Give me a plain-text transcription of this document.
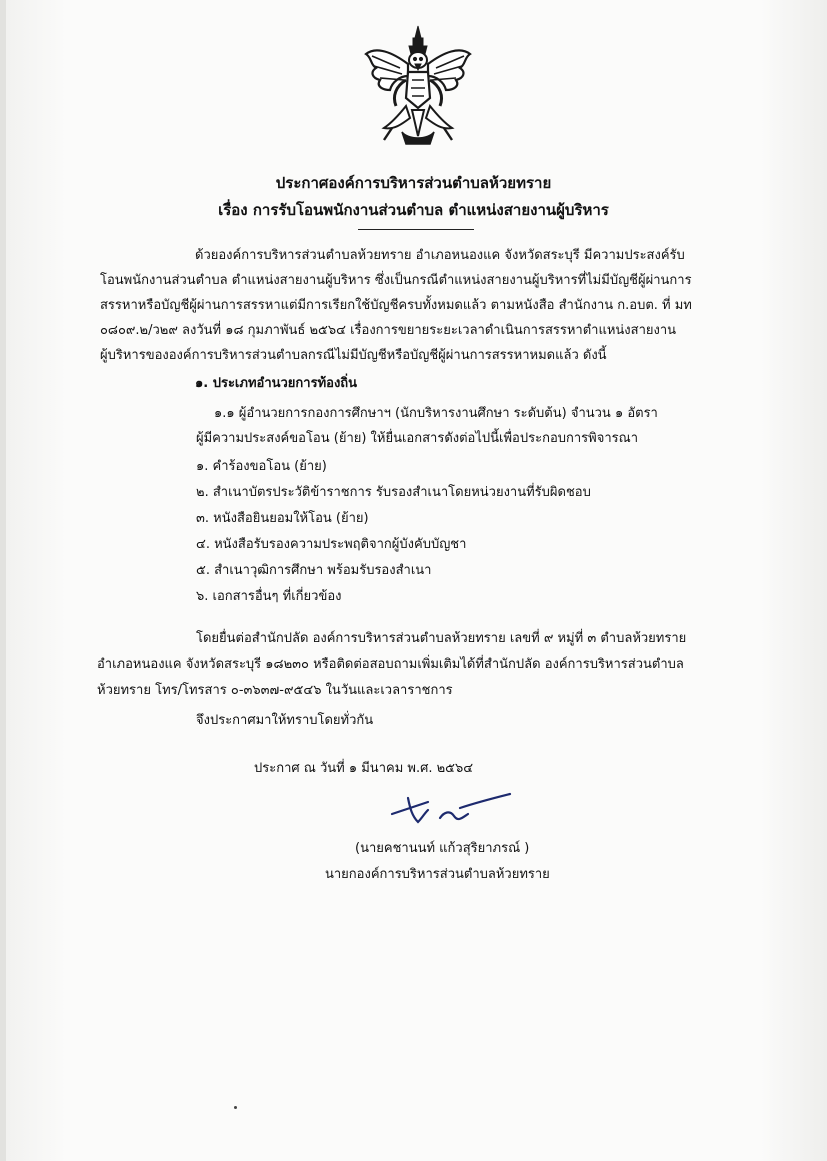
ประกาศองค์การบริหารส่วนตำบลห้วยทราย
เรื่อง การรับโอนพนักงานส่วนตำบล ตำแหน่งสายงานผู้บริหาร
ด้วยองค์การบริหารส่วนตำบลห้วยทราย อำเภอหนองแค จังหวัดสระบุรี มีความประสงค์รับ
โอนพนักงานส่วนตำบล ตำแหน่งสายงานผู้บริหาร ซึ่งเป็นกรณีตำแหน่งสายงานผู้บริหารที่ไม่มีบัญชีผู้ผ่านการ
สรรหาหรือบัญชีผู้ผ่านการสรรหาแต่มีการเรียกใช้บัญชีครบทั้งหมดแล้ว ตามหนังสือ สำนักงาน ก.อบต. ที่ มท
๐๘๐๙.๒/ว๒๙ ลงวันที่ ๑๘ กุมภาพันธ์ ๒๕๖๔ เรื่องการขยายระยะเวลาดำเนินการสรรหาตำแหน่งสายงาน
ผู้บริหารขององค์การบริหารส่วนตำบลกรณีไม่มีบัญชีหรือบัญชีผู้ผ่านการสรรหาหมดแล้ว ดังนี้
๑. ประเภทอำนวยการท้องถิ่น
๑.๑ ผู้อำนวยการกองการศึกษาฯ (นักบริหารงานศึกษา ระดับต้น) จำนวน ๑ อัตรา
ผู้มีความประสงค์ขอโอน (ย้าย) ให้ยื่นเอกสารดังต่อไปนี้เพื่อประกอบการพิจารณา
๑. คำร้องขอโอน (ย้าย)
๒. สำเนาบัตรประวัติข้าราชการ รับรองสำเนาโดยหน่วยงานที่รับผิดชอบ
๓. หนังสือยินยอมให้โอน (ย้าย)
๔. หนังสือรับรองความประพฤติจากผู้บังคับบัญชา
๕. สำเนาวุฒิการศึกษา พร้อมรับรองสำเนา
๖. เอกสารอื่นๆ ที่เกี่ยวข้อง
โดยยื่นต่อสำนักปลัด องค์การบริหารส่วนตำบลห้วยทราย เลขที่ ๙ หมู่ที่ ๓ ตำบลห้วยทราย
อำเภอหนองแค จังหวัดสระบุรี ๑๘๒๓๐ หรือติดต่อสอบถามเพิ่มเติมได้ที่สำนักปลัด องค์การบริหารส่วนตำบล
ห้วยทราย โทร/โทรสาร ๐-๓๖๓๗-๙๕๔๖ ในวันและเวลาราชการ
จึงประกาศมาให้ทราบโดยทั่วกัน
ประกาศ ณ วันที่ ๑ มีนาคม พ.ศ. ๒๕๖๔
(นายคชานนท์ แก้วสุริยาภรณ์ )
นายกองค์การบริหารส่วนตำบลห้วยทราย
